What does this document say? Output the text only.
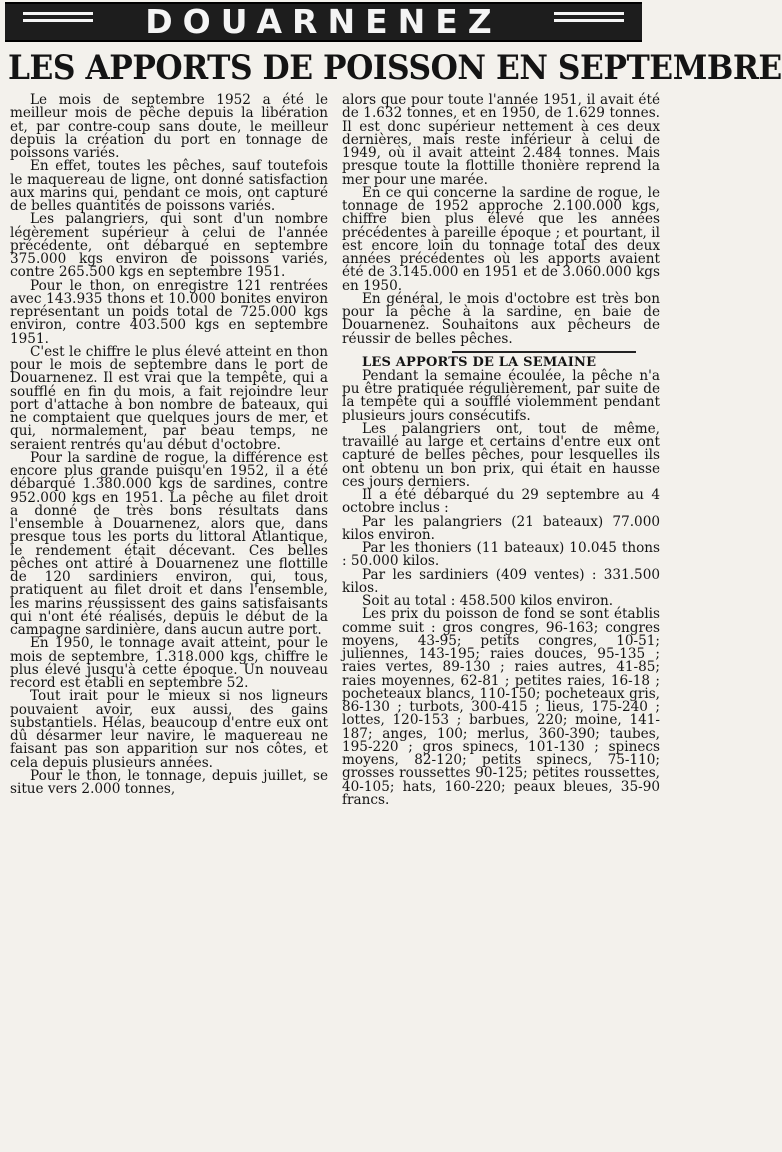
DOUARNENEZ
LES APPORTS DE POISSON EN SEPTEMBRE

Le mois de septembre 1952 a été le meilleur mois de pêche depuis la libération et, par contre-coup sans doute, le meilleur depuis la création du port en tonnage de poissons variés.

En effet, toutes les pêches, sauf toutefois le maquereau de ligne, ont donné satisfaction aux marins qui, pendant ce mois, ont capturé de belles quantités de poissons variés.

Les palangriers, qui sont d'un nombre légèrement supérieur à celui de l'année précédente, ont débarqué en septembre 375.000 kgs environ de poissons variés, contre 265.500 kgs en septembre 1951.

Pour le thon, on enregistre 121 rentrées avec 143.935 thons et 10.000 bonites environ représentant un poids total de 725.000 kgs environ, contre 403.500 kgs en septembre 1951.

C'est le chiffre le plus élevé atteint en thon pour le mois de septembre dans le port de Douarnenez. Il est vrai que la tempête, qui a soufflé en fin du mois, a fait rejoindre leur port d'attache à bon nombre de bateaux, qui ne comptaient que quelques jours de mer, et qui, normalement, par beau temps, ne seraient rentrés qu'au début d'octobre.

Pour la sardine de rogue, la différence est encore plus grande puisqu'en 1952, il a été débarqué 1.380.000 kgs de sardines, contre 952.000 kgs en 1951. La pêche au filet droit a donné de très bons résultats dans l'ensemble à Douarnenez, alors que, dans presque tous les ports du littoral Atlantique, le rendement était décevant. Ces belles pêches ont attiré à Douarnenez une flottille de 120 sardiniers environ, qui, tous, pratiquent au filet droit et dans l'ensemble, les marins réussissent des gains satisfaisants qui n'ont été réalisés, depuis le début de la campagne sardinière, dans aucun autre port.

En 1950, le tonnage avait atteint, pour le mois de septembre, 1.318.000 kgs, chiffre le plus élevé jusqu'à cette époque. Un nouveau record est établi en septembre 52.

Tout irait pour le mieux si nos ligneurs pouvaient avoir, eux aussi, des gains substantiels. Hélas, beaucoup d'entre eux ont dû désarmer leur navire, le maquereau ne faisant pas son apparition sur nos côtes, et cela depuis plusieurs années.

Pour le thon, le tonnage, depuis juillet, se situe vers 2.000 tonnes,

alors que pour toute l'année 1951, il avait été de 1.632 tonnes, et en 1950, de 1.629 tonnes. Il est donc supérieur nettement à ces deux dernières, mais reste inférieur à celui de 1949, où il avait atteint 2.484 tonnes. Mais presque toute la flottille thonière reprend la mer pour une marée.

En ce qui concerne la sardine de rogue, le tonnage de 1952 approche 2.100.000 kgs, chiffre bien plus élevé que les années précédentes à pareille époque ; et pourtant, il est encore loin du tonnage total des deux années précédentes où les apports avaient été de 3.145.000 en 1951 et de 3.060.000 kgs en 1950.

En général, le mois d'octobre est très bon pour la pêche à la sardine, en baie de Douarnenez. Souhaitons aux pêcheurs de réussir de belles pêches.

LES APPORTS DE LA SEMAINE

Pendant la semaine écoulée, la pêche n'a pu être pratiquée régulièrement, par suite de la tempête qui a soufflé violemment pendant plusieurs jours consécutifs.

Les palangriers ont, tout de même, travaillé au large et certains d'entre eux ont capturé de belles pêches, pour lesquelles ils ont obtenu un bon prix, qui était en hausse ces jours derniers.

Il a été débarqué du 29 septembre au 4 octobre inclus :

Par les palangriers (21 bateaux) 77.000 kilos environ.

Par les thoniers (11 bateaux) 10.045 thons : 50.000 kilos.

Par les sardiniers (409 ventes) : 331.500 kilos.

Soit au total : 458.500 kilos environ.

Les prix du poisson de fond se sont établis comme suit : gros congres, 96-163; congres moyens, 43-95; petits congres, 10-51; juliennes, 143-195; raies douces, 95-135 ; raies vertes, 89-130 ; raies autres, 41-85; raies moyennes, 62-81 ; petites raies, 16-18 ; pocheteaux blancs, 110-150; pocheteaux gris, 86-130 ; turbots, 300-415 ; lieus, 175-240 ; lottes, 120-153 ; barbues, 220; moine, 141-187; anges, 100; merlus, 360-390; taubes, 195-220 ; gros spinecs, 101-130 ; spinecs moyens, 82-120; petits spinecs, 75-110; grosses roussettes 90-125; petites roussettes, 40-105; hats, 160-220; peaux bleues, 35-90 francs.
